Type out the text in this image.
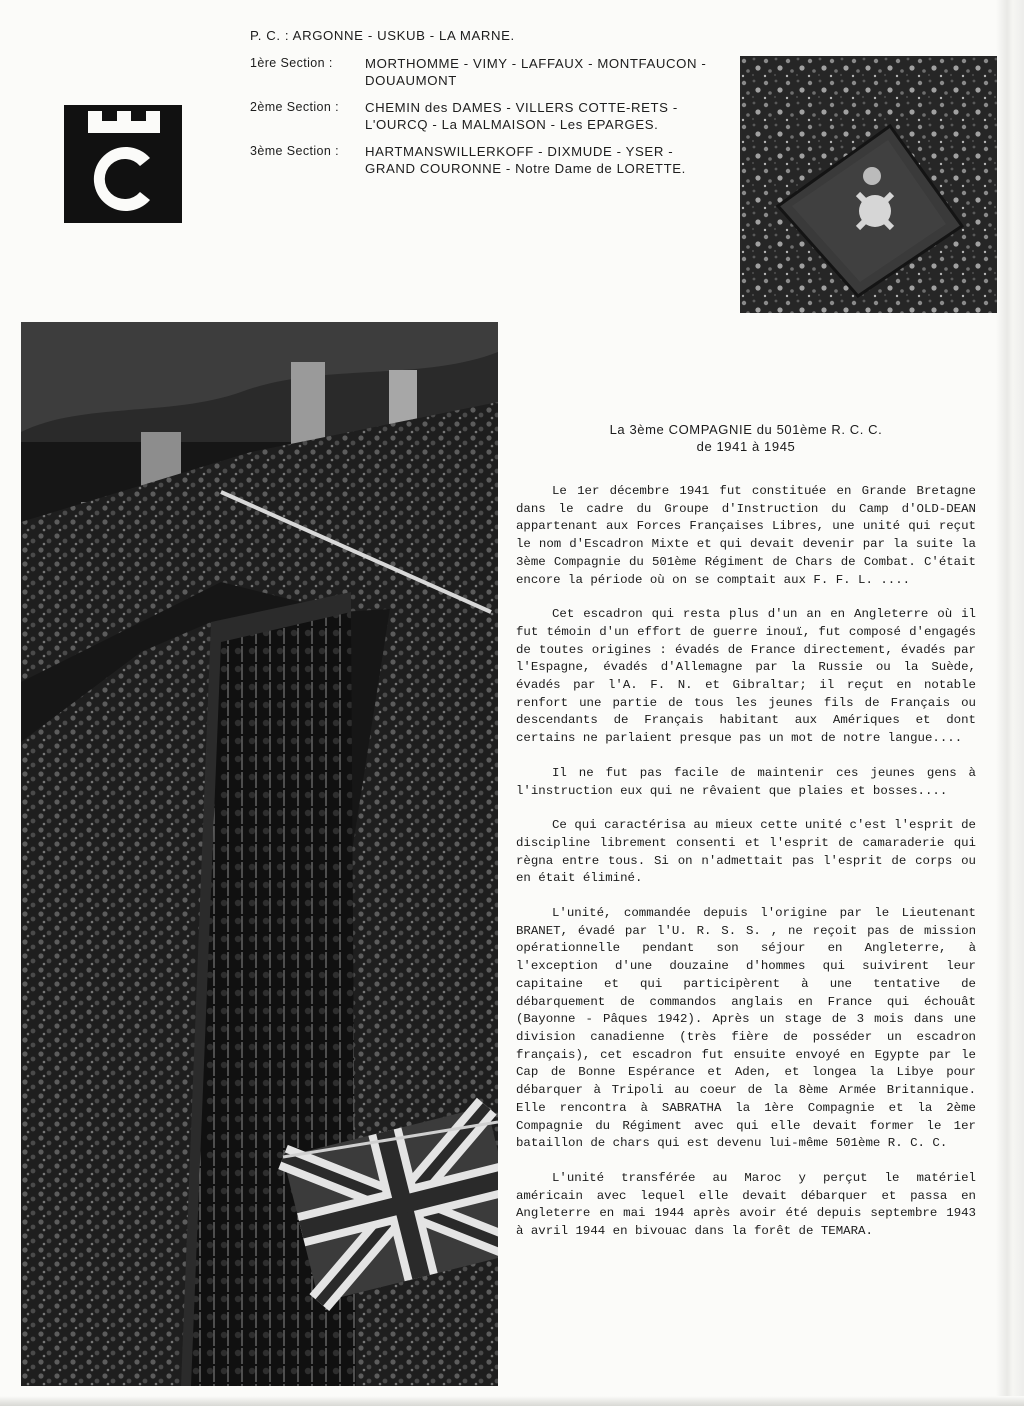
P. C. : ARGONNE - USKUB - LA MARNE.
1ère Section :	MORTHOMME - VIMY - LAFFAUX - MONTFAUCON - DOUAUMONT
2ème Section :	CHEMIN des DAMES - VILLERS COTTE-RETS - L'OURCQ - La MALMAISON - Les EPARGES.
3ème Section :	HARTMANSWILLERKOFF - DIXMUDE - YSER - GRAND COURONNE - Notre Dame de LORETTE.
La 3ème COMPAGNIE du 501ème R. C. C.
de 1941 à 1945

Le 1er décembre 1941 fut constituée en Grande Bretagne dans le cadre du Groupe d'Instruction du Camp d'OLD-DEAN appartenant aux Forces Françaises Libres, une unité qui reçut le nom d'Escadron Mixte et qui devait devenir par la suite la 3ème Compagnie du 501ème Régiment de Chars de Combat. C'était encore la période où on se comptait aux F. F. L. ....

Cet escadron qui resta plus d'un an en Angleterre où il fut témoin d'un effort de guerre inouï, fut composé d'engagés de toutes origines : évadés de France directement, évadés par l'Espagne, évadés d'Allemagne par la Russie ou la Suède, évadés par l'A. F. N. et Gibraltar; il reçut en notable renfort une partie de tous les jeunes fils de Français ou descendants de Français habitant aux Amériques et dont certains ne parlaient presque pas un mot de notre langue....

Il ne fut pas facile de maintenir ces jeunes gens à l'instruction eux qui ne rêvaient que plaies et bosses....

Ce qui caractérisa au mieux cette unité c'est l'esprit de discipline librement consenti et l'esprit de camaraderie qui règna entre tous. Si on n'admettait pas l'esprit de corps ou en était éliminé.

L'unité, commandée depuis l'origine par le Lieutenant BRANET, évadé par l'U. R. S. S. , ne reçoit pas de mission opérationnelle pendant son séjour en Angleterre, à l'exception d'une douzaine d'hommes qui suivirent leur capitaine et qui participèrent à une tentative de débarquement de commandos anglais en France qui échouât (Bayonne - Pâques 1942). Après un stage de 3 mois dans une division canadienne (très fière de posséder un escadron français), cet escadron fut ensuite envoyé en Egypte par le Cap de Bonne Espérance et Aden, et longea la Libye pour débarquer à Tripoli au coeur de la 8ème Armée Britannique. Elle rencontra à SABRATHA la 1ère Compagnie et la 2ème Compagnie du Régiment avec qui elle devait former le 1er bataillon de chars qui est devenu lui-même 501ème R. C. C.

L'unité transférée au Maroc y perçut le matériel américain avec lequel elle devait débarquer et passa en Angleterre en mai 1944 après avoir été depuis septembre 1943 à avril 1944 en bivouac dans la forêt de TEMARA.
